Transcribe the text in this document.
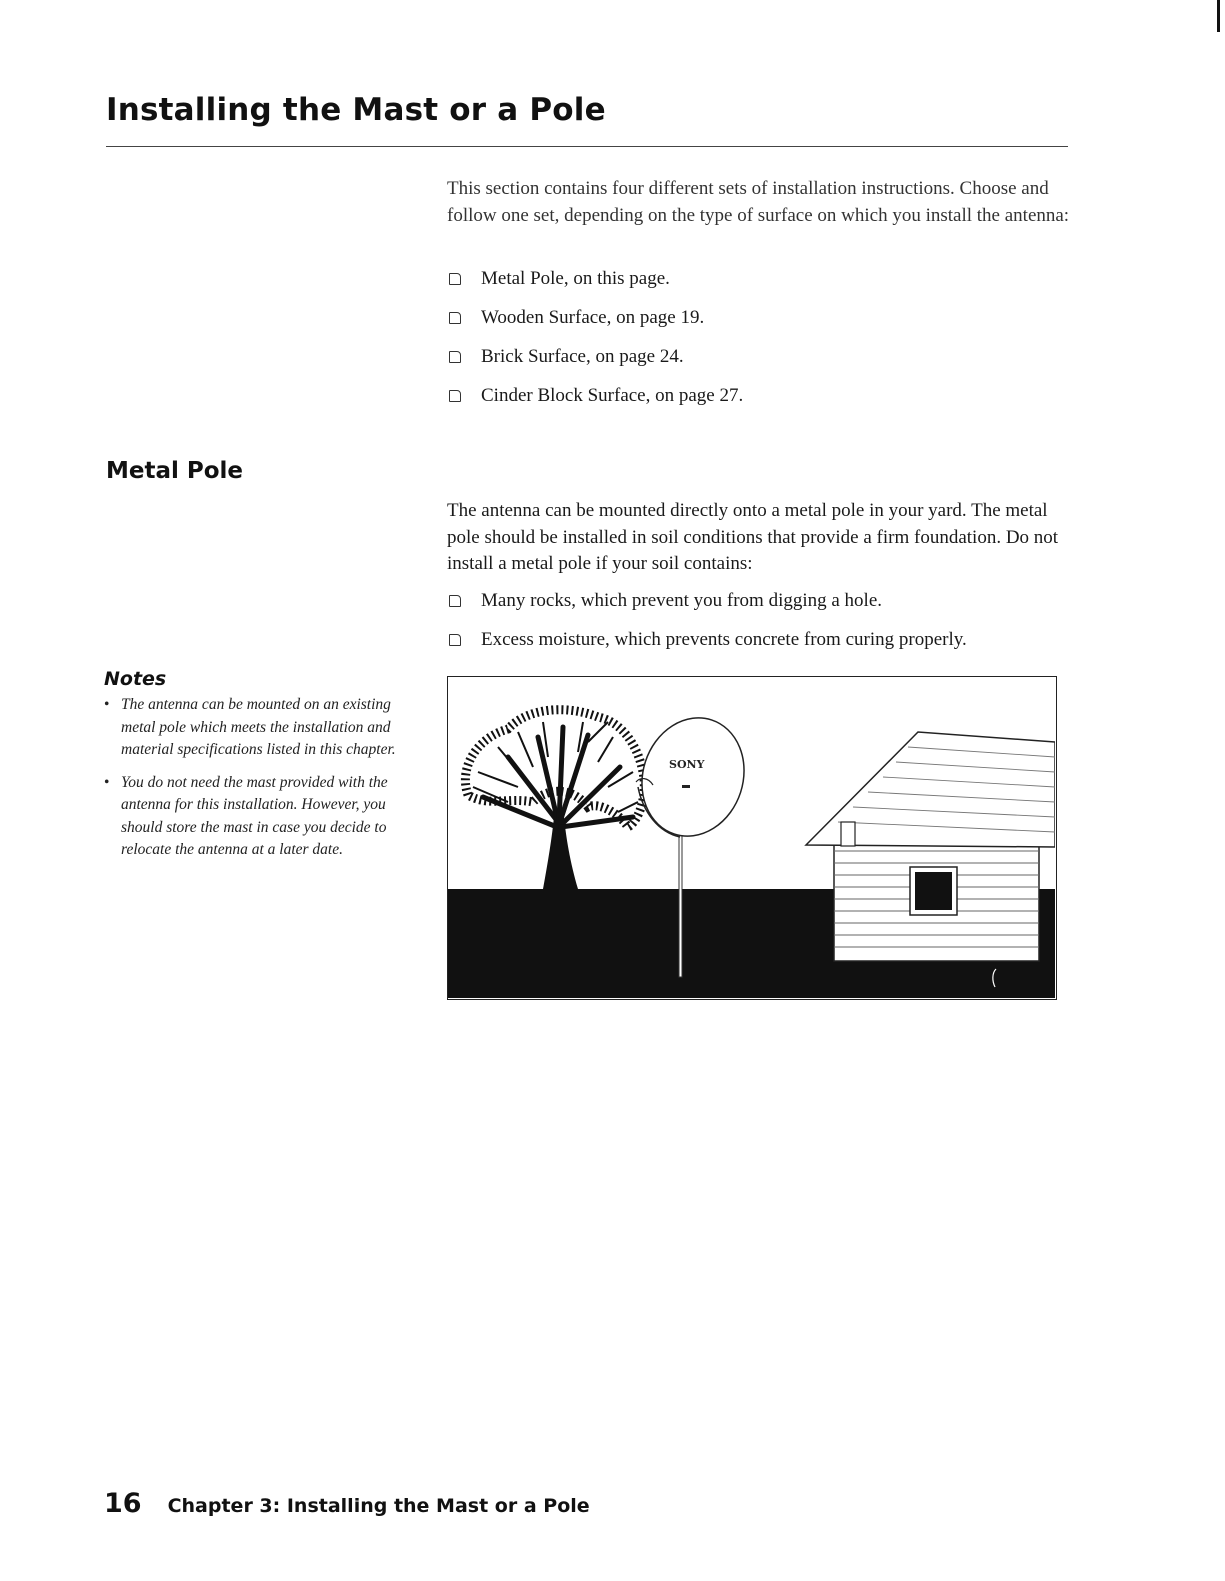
Installing the Mast or a Pole

This section contains four different sets of installation instructions. Choose and follow one set, depending on the type of surface on which you install the antenna:

Metal Pole, on this page.
Wooden Surface, on page 19.
Brick Surface, on page 24.
Cinder Block Surface, on page 27.
Metal Pole

The antenna can be mounted directly onto a metal pole in your yard. The metal pole should be installed in soil conditions that provide a firm foundation. Do not install a metal pole if your soil contains:

Many rocks, which prevent you from digging a hole.
Excess moisture, which prevents concrete from curing properly.
Notes
• The antenna can be mounted on an existing metal pole which meets the installation and material specifications listed in this chapter.
• You do not need the mast provided with the antenna for this installation. However, you should store the mast in case you decide to relocate the antenna at a later date.
SONY
16 Chapter 3: Installing the Mast or a Pole
